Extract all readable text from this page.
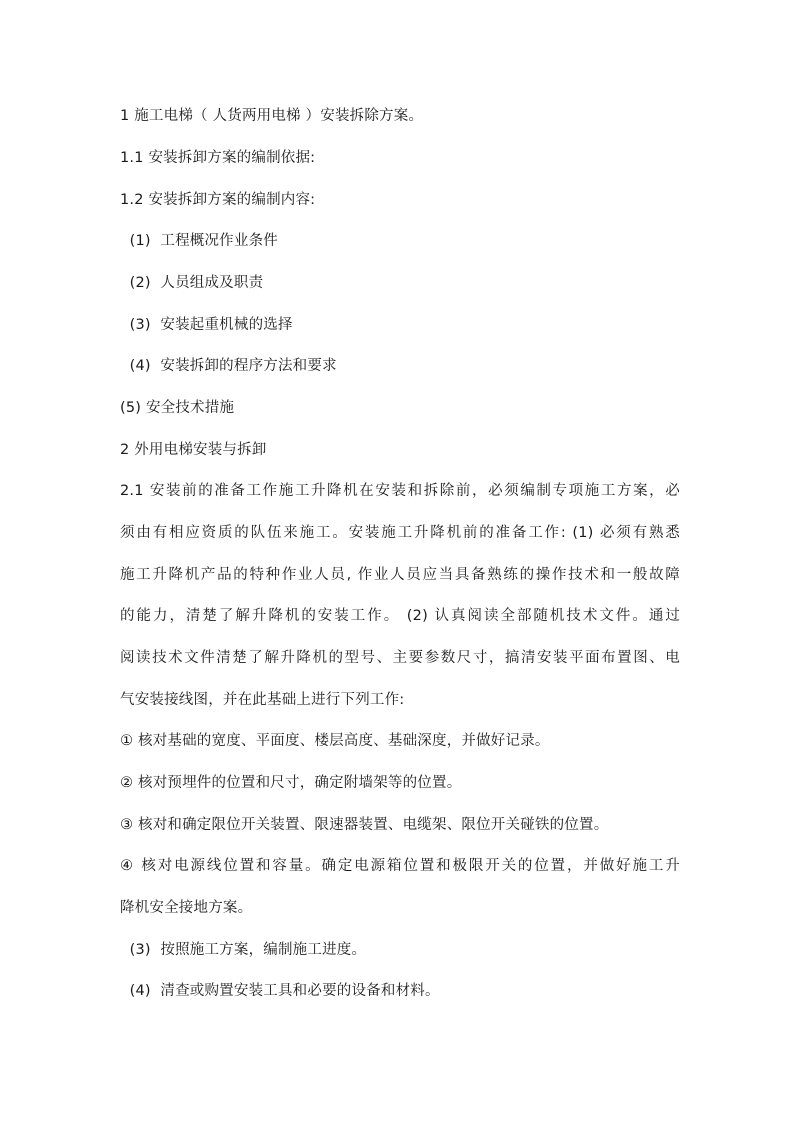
1 施工电梯（ 人货两用电梯 ）安装拆除方案。
1.1 安装拆卸方案的编制依据:
1.2 安装拆卸方案的编制内容:
(1)  工程概况作业条件
(2)  人员组成及职责
(3)  安装起重机械的选择
(4)  安装拆卸的程序方法和要求
(5) 安全技术措施
2 外用电梯安装与拆卸
2.1 安装前的准备工作施工升降机在安装和拆除前，必须编制专项施工方案，必
须由有相应资质的队伍来施工。安装施工升降机前的准备工作: (1) 必须有熟悉
施工升降机产品的特种作业人员, 作业人员应当具备熟练的操作技术和一般故障
的能力，清楚了解升降机的安装工作。 (2) 认真阅读全部随机技术文件。通过
阅读技术文件清楚了解升降机的型号、主要参数尺寸，搞清安装平面布置图、电
气安装接线图，并在此基础上进行下列工作:
① 核对基础的宽度、平面度、楼层高度、基础深度，并做好记录。
② 核对预埋件的位置和尺寸，确定附墙架等的位置。
③ 核对和确定限位开关装置、限速器装置、电缆架、限位开关碰铁的位置。
④ 核对电源线位置和容量。确定电源箱位置和极限开关的位置，并做好施工升
降机安全接地方案。
(3)  按照施工方案，编制施工进度。
(4)  清查或购置安装工具和必要的设备和材料。
